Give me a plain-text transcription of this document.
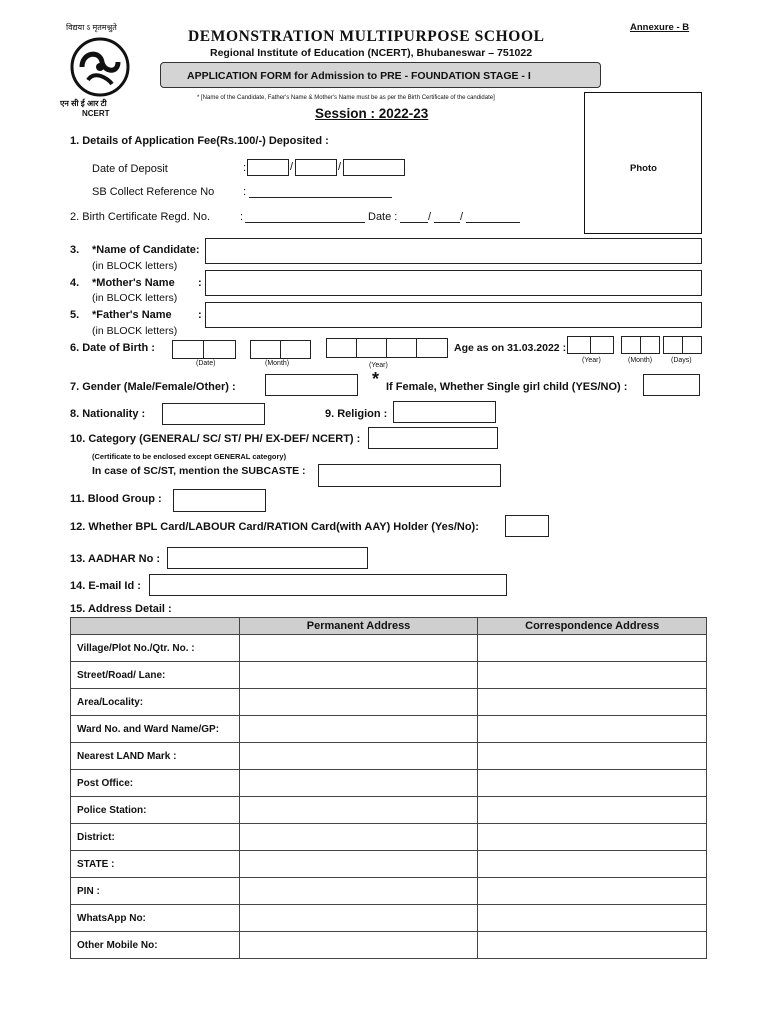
विद्यया ऽ मृतमश्नुते
एन सी ई आर टी
NCERT
DEMONSTRATION MULTIPURPOSE SCHOOL
Annexure - B
Regional Institute of Education (NCERT), Bhubaneswar – 751022
APPLICATION FORM for Admission to PRE - FOUNDATION STAGE - I
* [Name of the Candidate, Father's Name & Mother's Name must be as per the Birth Certificate of the candidate]
Session : 2022-23
Photo
1. Details of Application Fee(Rs.100/-) Deposited :
Date of Deposit	:	/	/
SB Collect Reference No	:
2. Birth Certificate Regd. No.	:	Date :	/	/
3. *Name of Candidate:
(in BLOCK letters)
4. *Mother's Name :
(in BLOCK letters)
5. *Father's Name :
(in BLOCK letters)
6. Date of Birth :
(Date)	(Month)	(Year)
Age as on 31.03.2022 :
(Year)	(Month)	(Days)
7. Gender (Male/Female/Other) :	* If Female, Whether Single girl child (YES/NO) :
8. Nationality :	9. Religion :
10. Category (GENERAL/ SC/ ST/ PH/ EX-DEF/ NCERT) :
(Certificate to be enclosed except GENERAL category)
In case of SC/ST, mention the SUBCASTE :
11. Blood Group :
12. Whether BPL Card/LABOUR Card/RATION Card(with AAY) Holder (Yes/No):
13. AADHAR No :
14. E-mail Id :
15. Address Detail :
	Permanent Address	Correspondence Address
Village/Plot No./Qtr. No. :		
Street/Road/ Lane:		
Area/Locality:		
Ward No. and Ward Name/GP:		
Nearest LAND Mark :		
Post Office:		
Police Station:		
District:		
STATE :		
PIN :		
WhatsApp No:		
Other Mobile No:		
